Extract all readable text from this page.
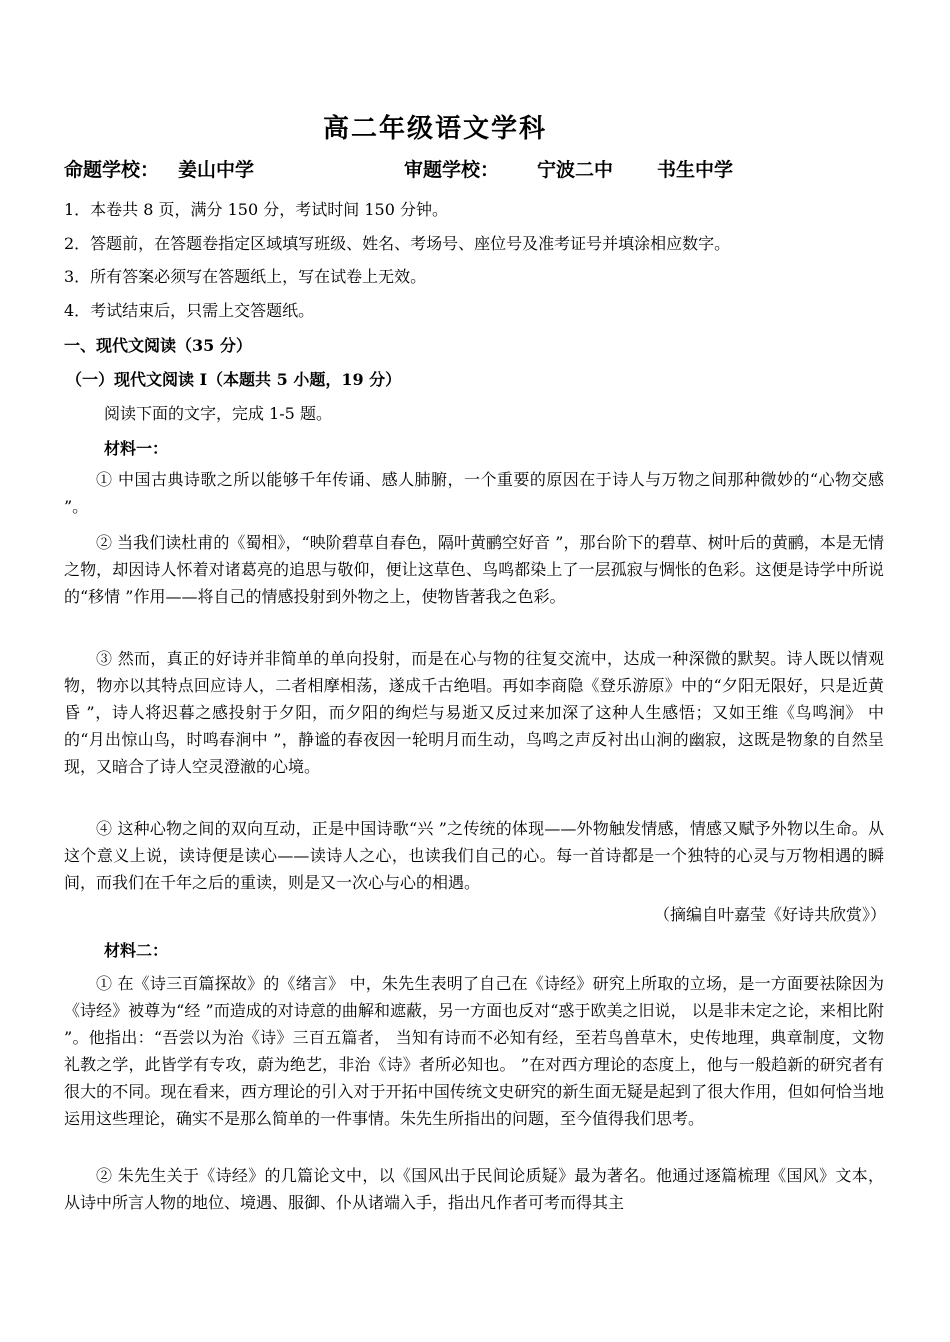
高二年级语文学科
命题学校： 姜山中学	审题学校： 宁波二中 书生中学
1．本卷共 8 页，满分 150 分，考试时间 150 分钟。
2．答题前，在答题卷指定区域填写班级、姓名、考场号、座位号及准考证号并填涂相应数字。
3．所有答案必须写在答题纸上，写在试卷上无效。
4．考试结束后，只需上交答题纸。
一、现代文阅读（35 分）
（一）现代文阅读 Ⅰ（本题共 5 小题，19 分）
阅读下面的文字，完成 1-5 题。
材料一：
① 中国古典诗歌之所以能够千年传诵、感人肺腑，一个重要的原因在于诗人与万物之间那种微妙的“心物交感 ”。
② 当我们读杜甫的《蜀相》，“映阶碧草自春色，隔叶黄鹂空好音 ”，那台阶下的碧草、树叶后的黄鹂，本是无情之物，却因诗人怀着对诸葛亮的追思与敬仰，便让这草色、鸟鸣都染上了一层孤寂与惆怅的色彩。这便是诗学中所说的“移情 ”作用——将自己的情感投射到外物之上，使物皆著我之色彩。
③ 然而，真正的好诗并非简单的单向投射，而是在心与物的往复交流中，达成一种深微的默契。诗人既以情观物，物亦以其特点回应诗人，二者相摩相荡，遂成千古绝唱。再如李商隐《登乐游原》中的“夕阳无限好，只是近黄昏 ”，诗人将迟暮之感投射于夕阳，而夕阳的绚烂与易逝又反过来加深了这种人生感悟；又如王维《鸟鸣涧》 中的“月出惊山鸟，时鸣春涧中 ”，静谧的春夜因一轮明月而生动，鸟鸣之声反衬出山涧的幽寂，这既是物象的自然呈现，又暗合了诗人空灵澄澈的心境。
④ 这种心物之间的双向互动，正是中国诗歌“兴 ”之传统的体现——外物触发情感，情感又赋予外物以生命。从这个意义上说，读诗便是读心——读诗人之心，也读我们自己的心。每一首诗都是一个独特的心灵与万物相遇的瞬间，而我们在千年之后的重读，则是又一次心与心的相遇。
（摘编自叶嘉莹《好诗共欣赏》）
材料二：
① 在《诗三百篇探故》的《绪言》 中，朱先生表明了自己在《诗经》研究上所取的立场，是一方面要祛除因为《诗经》被尊为“经 ”而造成的对诗意的曲解和遮蔽，另一方面也反对“惑于欧美之旧说， 以是非未定之论，来相比附 ”。他指出：“吾尝以为治《诗》三百五篇者， 当知有诗而不必知有经，至若鸟兽草木，史传地理，典章制度，文物礼教之学，此皆学有专攻，蔚为绝艺，非治《诗》者所必知也。 ”在对西方理论的态度上，他与一般趋新的研究者有很大的不同。现在看来，西方理论的引入对于开拓中国传统文史研究的新生面无疑是起到了很大作用，但如何恰当地运用这些理论，确实不是那么简单的一件事情。朱先生所指出的问题，至今值得我们思考。
② 朱先生关于《诗经》的几篇论文中，以《国风出于民间论质疑》最为著名。他通过逐篇梳理《国风》文本，从诗中所言人物的地位、境遇、服御、仆从诸端入手，指出凡作者可考而得其主
